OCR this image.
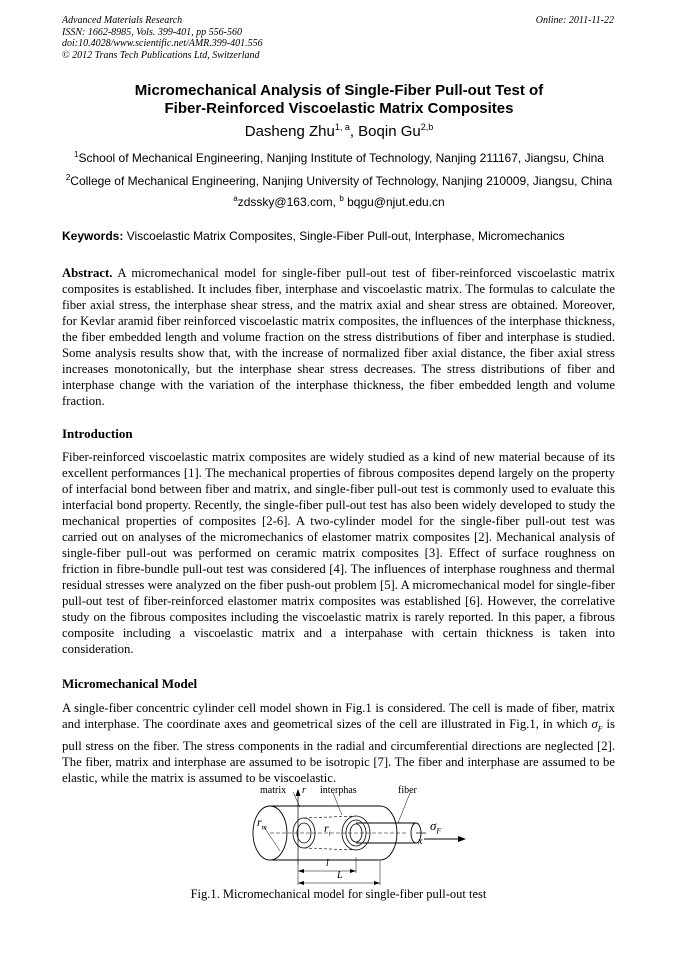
Advanced Materials Research
ISSN: 1662-8985, Vols. 399-401, pp 556-560
doi:10.4028/www.scientific.net/AMR.399-401.556
© 2012 Trans Tech Publications Ltd, Switzerland
Online: 2011-11-22
Micromechanical Analysis of Single-Fiber Pull-out Test of
Fiber-Reinforced Viscoelastic Matrix Composites
Dasheng Zhu$^{1, a}$, Boqin Gu$^{2,b}$
$^1$School of Mechanical Engineering, Nanjing Institute of Technology, Nanjing 211167, Jiangsu, China
$^2$College of Mechanical Engineering, Nanjing University of Technology, Nanjing 210009, Jiangsu, China
$^a$zdssky@163.com, $^b$ bqgu@njut.edu.cn
Keywords: Viscoelastic Matrix Composites, Single-Fiber Pull-out, Interphase, Micromechanics
Abstract. A micromechanical model for single-fiber pull-out test of fiber-reinforced viscoelastic matrix composites is established. It includes fiber, interphase and viscoelastic matrix. The formulas to calculate the fiber axial stress, the interphase shear stress, and the matrix axial and shear stress are obtained. Moreover, for Kevlar aramid fiber reinforced viscoelastic matrix composites, the influences of the interphase thickness, the fiber embedded length and volume fraction on the stress distributions of fiber and interphase is studied. Some analysis results show that, with the increase of normalized fiber axial distance, the fiber axial stress increases monotonically, but the interphase shear stress decreases. The stress distributions of fiber and interphase change with the variation of the interphase thickness, the fiber embedded length and volume fraction.
Introduction
Fiber-reinforced viscoelastic matrix composites are widely studied as a kind of new material because of its excellent performances [1]. The mechanical properties of fibrous composites depend largely on the property of interfacial bond between fiber and matrix, and single-fiber pull-out test is commonly used to evaluate this interfacial bond property. Recently, the single-fiber pull-out test has also been widely developed to study the mechanical properties of composites [2-6]. A two-cylinder model for the single-fiber pull-out test was carried out on analyses of the micromechanics of elastomer matrix composites [2]. Mechanical analysis of single-fiber pull-out was performed on ceramic matrix composites [3]. Effect of surface roughness on friction in fibre-bundle pull-out test was considered [4]. The influences of interphase roughness and thermal residual stresses were analyzed on the fiber push-out problem [5]. A micromechanical model for single-fiber pull-out test of fiber-reinforced elastomer matrix composites was established [6]. However, the correlative study on the fibrous composites including the viscoelastic matrix is rarely reported. In this paper, a fibrous composite including a viscoelastic matrix and a interpahase with certain thickness is taken into consideration.
Micromechanical Model
A single-fiber concentric cylinder cell model shown in Fig.1 is considered. The cell is made of fiber, matrix and interphase. The coordinate axes and geometrical sizes of the cell are illustrated in Fig.1, in which $\sigma_F$ is pull stress on the fiber. The stress components in the radial and circumferential directions are neglected [2]. The fiber, matrix and interphase are assumed to be isotropic [7]. The fiber and interphase are assumed to be elastic, while the matrix is assumed to be viscoelastic.
matrix r interphas	fiber
$r_m$	$r_i$
$\sigma_F$
x
l
L
Fig.1. Micromechanical model for single-fiber pull-out test
